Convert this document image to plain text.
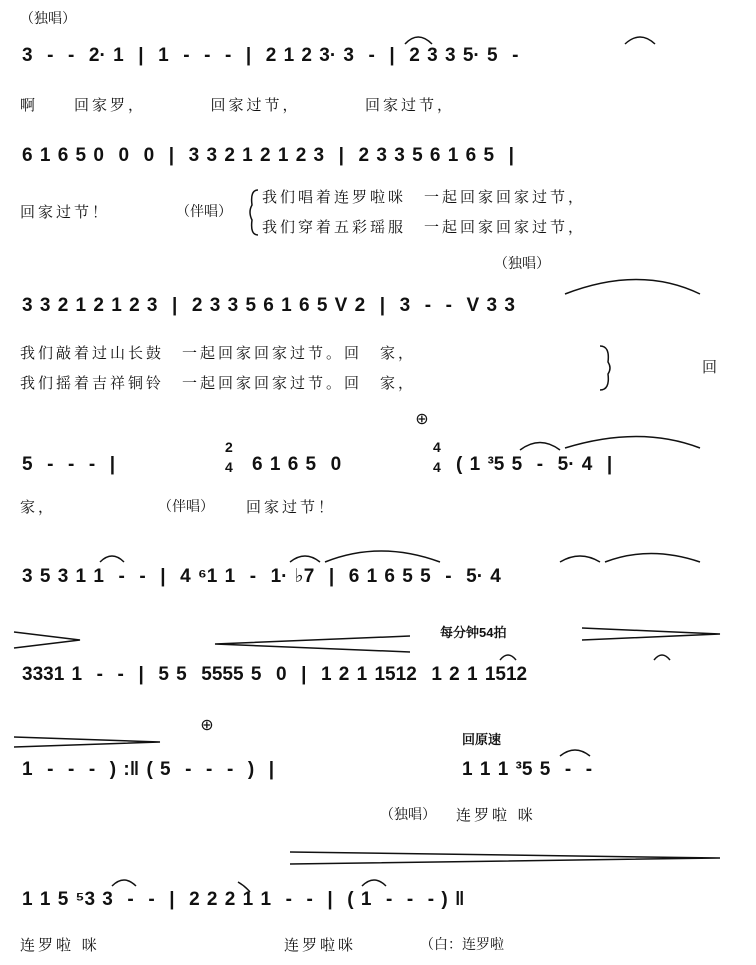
（独唱）
3  -  -  2· 1  |  1  -  -  -  |  2 1 2 3· 3  -  |  2 3 3 5· 5  -
啊　　回家罗，　　　　回家过节，　　　　回家过节，
6 1 6 5 0  0  0  |  3 3 2 1 2 1 2 3  |  2 3 3 5 6 1 6 5  |
回家过节！	（伴唱）
我们唱着连罗啦咪　一起回家回家过节，
我们穿着五彩瑶服　一起回家回家过节，
（独唱）
3 3 2 1 2 1 2 3  |  2 3 3 5 6 1 6 5 V 2  |  3  -  -  V 3 3
我们敲着过山长鼓　一起回家回家过节。回　家，
我们摇着吉祥铜铃　一起回家回家过节。回　家，
回
5  -  -  -  |
2
4 6 1 6 5  0
4
4 ( 1 ³5 5  -  5· 4  |
⊕
家，	（伴唱） 回家过节！
3 5 3 1 1  -  -  |  4 ⁶1 1  -  1· ♭7  |  6 1 6 5 5  -  5· 4
每分钟54拍
3331 1  -  -  |  5 5  5555 5  0  |  1 2 1 1512  1 2 1 1512
回原速
1  -  -  -  ) :‖ ( 5  -  -  -  )  |	1 1 1 ³5 5  -  -
⊕
（独唱） 连罗啦 咪
1 1 5 ⁵3 3  -  -  |  2 2 2 1 1  -  -  |  ( 1  -  -  - ) ‖
连罗啦 咪	连罗啦咪	（白：连罗啦
